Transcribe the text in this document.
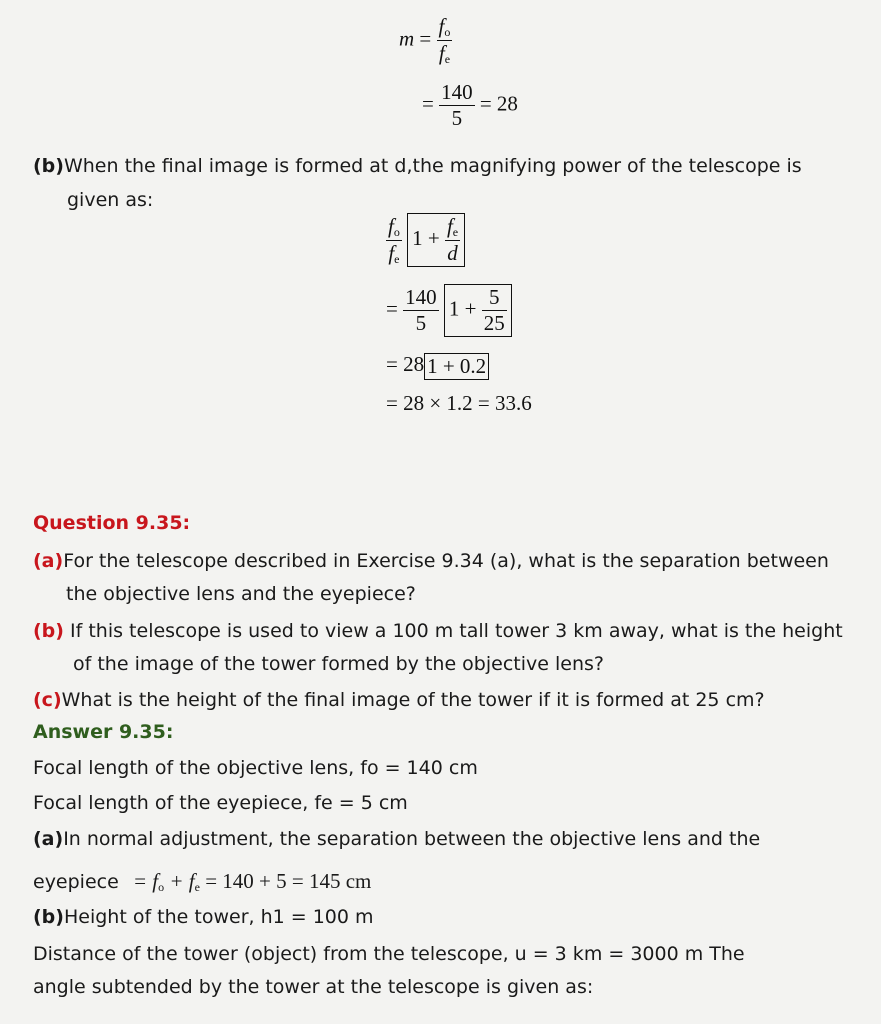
$m = \frac{f_o}{f_e}$
= $\frac{140}{5} = 28$
(b)When the final image is formed at d,the magnifying power of the telescope is
given as:
$\frac{f_o}{f_e} 1 + \frac{f_e}{d}$
= $\frac{140}{5} 1 + \frac{5}{25}$
= 28 1 + 0.2
= 28 × 1.2 = 33.6
Question 9.35:
(a)For the telescope described in Exercise 9.34 (a), what is the separation between
the objective lens and the eyepiece?
(b) If this telescope is used to view a 100 m tall tower 3 km away, what is the height
of the image of the tower formed by the objective lens?
(c)What is the height of the final image of the tower if it is formed at 25 cm?
Answer 9.35:
Focal length of the objective lens, fo = 140 cm
Focal length of the eyepiece, fe = 5 cm
(a)In normal adjustment, the separation between the objective lens and the
eyepiece = $f_o + f_e = 140 + 5 = 145$ cm
(b)Height of the tower, h1 = 100 m
Distance of the tower (object) from the telescope, u = 3 km = 3000 m The
angle subtended by the tower at the telescope is given as:
